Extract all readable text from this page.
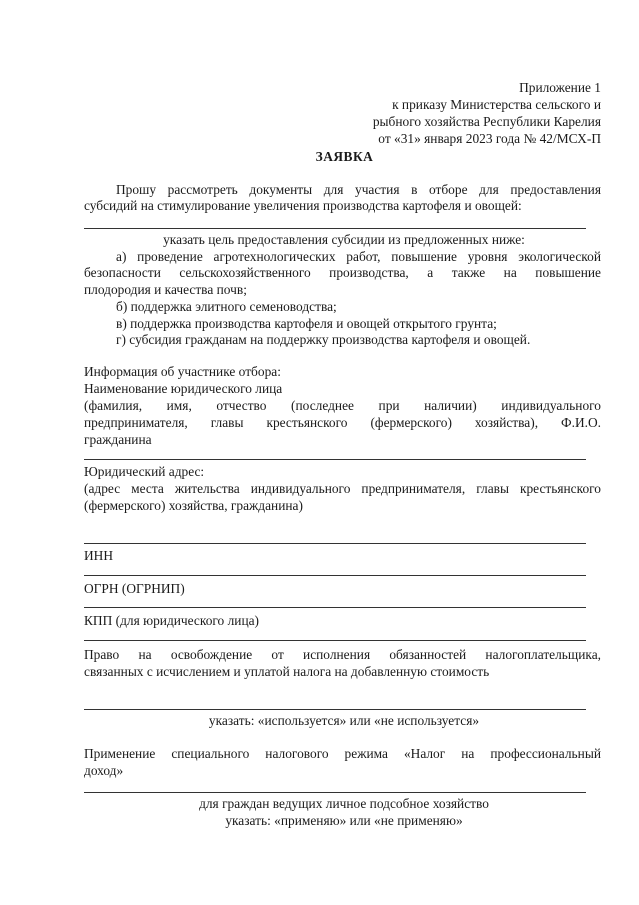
Приложение 1
к приказу Министерства сельского и
рыбного хозяйства Республики Карелия
от «31» января 2023 года № 42/МСХ-П
ЗАЯВКА
Прошу рассмотреть документы для участия в отборе для предоставления
субсидий на стимулирование увеличения производства картофеля и овощей:
указать цель предоставления субсидии из предложенных ниже:
а) проведение агротехнологических работ, повышение уровня экологической
безопасности сельскохозяйственного производства, а также на повышение
плодородия и качества почв;
б) поддержка элитного семеноводства;
в) поддержка производства картофеля и овощей открытого грунта;
г) субсидия гражданам на поддержку производства картофеля и овощей.
Информация об участнике отбора:
Наименование юридического лица
(фамилия, имя, отчество (последнее при наличии) индивидуального
предпринимателя, главы крестьянского (фермерского) хозяйства), Ф.И.О.
гражданина
Юридический адрес:
(адрес места жительства индивидуального предпринимателя, главы крестьянского
(фермерского) хозяйства, гражданина)
ИНН
ОГРН (ОГРНИП)
КПП (для юридического лица)
Право на освобождение от исполнения обязанностей налогоплательщика,
связанных с исчислением и уплатой налога на добавленную стоимость
указать: «используется» или «не используется»
Применение специального налогового режима «Налог на профессиональный
доход»
для граждан ведущих личное подсобное хозяйство
указать: «применяю» или «не применяю»
